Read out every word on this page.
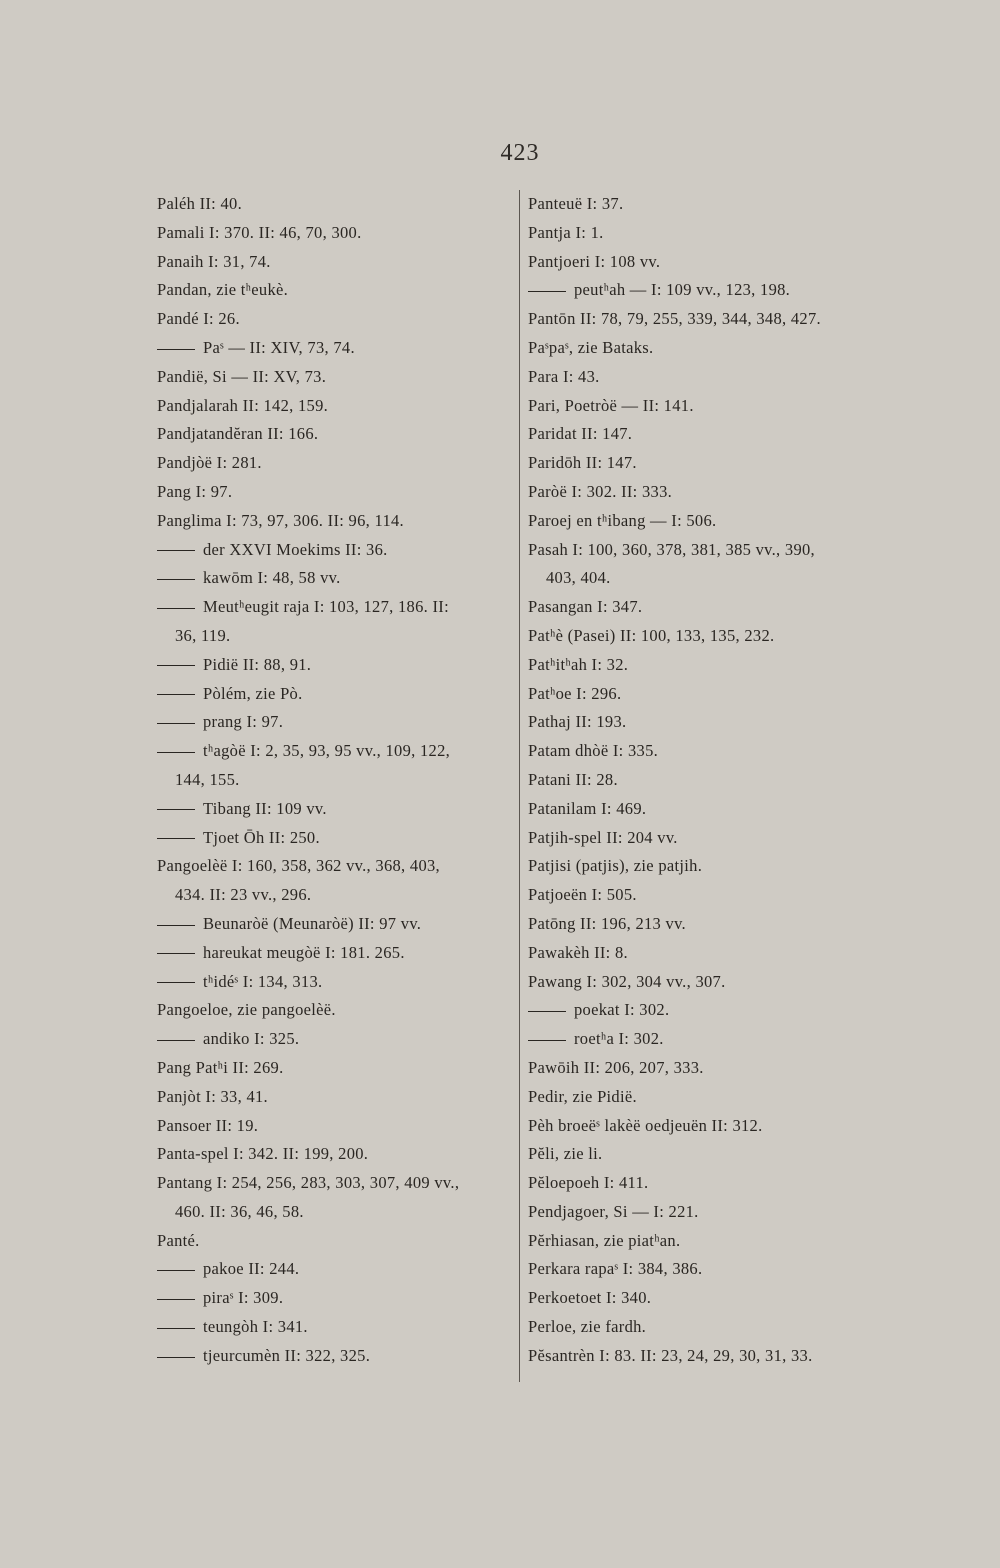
423
Paléh II: 40.
Pamali I: 370. II: 46, 70, 300.
Panaih I: 31, 74.
Pandan, zie tʰeukè.
Pandé I: 26.
Paˢ — II: XIV, 73, 74.
Pandië, Si — II: XV, 73.
Pandjalarah II: 142, 159.
Pandjatandĕran II: 166.
Pandjòë I: 281.
Pang I: 97.
Panglima I: 73, 97, 306. II: 96, 114.
der XXVI Moekims II: 36.
kawōm I: 48, 58 vv.
Meutʰeugit raja I: 103, 127, 186. II:
36, 119.
Pidië II: 88, 91.
Pòlém, zie Pò.
prang I: 97.
tʰagòë I: 2, 35, 93, 95 vv., 109, 122,
144, 155.
Tibang II: 109 vv.
Tjoet Ōh II: 250.
Pangoelèë I: 160, 358, 362 vv., 368, 403,
434. II: 23 vv., 296.
Beunaròë (Meunaròë) II: 97 vv.
hareukat meugòë I: 181. 265.
tʰidéˢ I: 134, 313.
Pangoeloe, zie pangoelèë.
andiko I: 325.
Pang Patʰi II: 269.
Panjòt I: 33, 41.
Pansoer II: 19.
Panta-spel I: 342. II: 199, 200.
Pantang I: 254, 256, 283, 303, 307, 409 vv.,
460. II: 36, 46, 58.
Panté.
pakoe II: 244.
piraˢ I: 309.
teungòh I: 341.
tjeurcumèn II: 322, 325.
Panteuë I: 37.
Pantja I: 1.
Pantjoeri I: 108 vv.
peutʰah — I: 109 vv., 123, 198.
Pantōn II: 78, 79, 255, 339, 344, 348, 427.
Paˢpaˢ, zie Bataks.
Para I: 43.
Pari, Poetròë — II: 141.
Paridat II: 147.
Paridōh II: 147.
Paròë I: 302. II: 333.
Paroej en tʰibang — I: 506.
Pasah I: 100, 360, 378, 381, 385 vv., 390,
403, 404.
Pasangan I: 347.
Patʰè (Pasei) II: 100, 133, 135, 232.
Patʰitʰah I: 32.
Patʰoe I: 296.
Pathaj II: 193.
Patam dhòë I: 335.
Patani II: 28.
Patanilam I: 469.
Patjih-spel II: 204 vv.
Patjisi (patjis), zie patjih.
Patjoeën I: 505.
Patōng II: 196, 213 vv.
Pawakèh II: 8.
Pawang I: 302, 304 vv., 307.
poekat I: 302.
roetʰa I: 302.
Pawōih II: 206, 207, 333.
Pedir, zie Pidië.
Pèh broeëˢ lakèë oedjeuën II: 312.
Pĕli, zie li.
Pĕloepoeh I: 411.
Pendjagoer, Si — I: 221.
Pĕrhiasan, zie piatʰan.
Perkara rapaˢ I: 384, 386.
Perkoetoet I: 340.
Perloe, zie fardh.
Pĕsantrèn I: 83. II: 23, 24, 29, 30, 31, 33.
